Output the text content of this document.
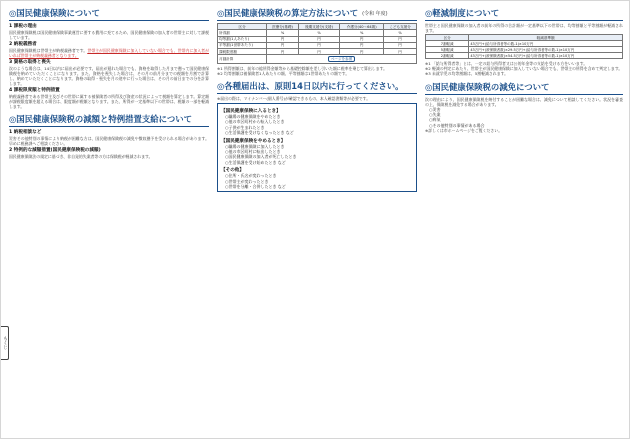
もくじ
◎国民健康保険について
1 課税の理由
国民健康保険税は国民健康保険事業運営に要する費用に充てるため、国民健康保険の加入者の世帯主に対して課税しています。
2 納税義務者
国民健康保険税は世帯主が納税義務者です。世帯主が国民健康保険に加入していない場合でも、世帯内に加入者がいれば世帯主が納税義務者となります。
3 資格の取得と喪失
次のような場合は、14日以内に届出が必要です。届出が遅れた場合でも、資格を取得した月まで遡って国民健康保険税を納めていただくことになります。また、資格を喪失した場合は、その月の前月分までの税額を月割で計算し、納めていただくことになります。資格の取得・喪失を月の途中に行った場合は、その月の前日までの分を計算します。
4 課税限度額と特例措置
納税義務者である世帯主及びその世帯に属する被保険者の所得及び資産の状況によって税額を算定します。算定額が課税限度額を超える場合は、限度額が税額となります。また、所得が一定基準以下の世帯は、税額の一部を軽減します。
◎国民健康保険税の減額と特例措置支給について
1 納税相談など
災害その他特別の事情により納税が困難な方は、国民健康保険税の減免や徴収猶予を受けられる場合があります。早めに税務課へご相談ください。
2 特例的な減額措置(国民健康保険税の減額)
国民健康保険法の規定に基づき、非自発的失業者等の方は保険税が軽減されます。
◎国民健康保険税の算定方法について (令和 年度)
区分	医療分(基礎)	後期支援分(支援)	介護分(40〜64歳)	こども支援分
所得割	%	%	%	%
均等割(1人あたり)	円	円	円	円
平等割(1世帯あたり)	円	円	円	円
課税限度額	円	円	円	円
月割計算	ページを参照			
※1 所得割額は、前年の総所得金額等から基礎控除額を差し引いた額に税率を乗じて算出します。
※2 均等割額は被保険者1人あたりの額、平等割額は1世帯あたりの額です。
◎各種届出は、原則14日以内に行ってください。
※届出の際は、マイナンバー(個人番号)が確認できるもの、本人確認書類等が必要です。
【国民健康保険に入るとき】
○職場の健康保険をやめたとき
○他の市区町村から転入したとき
○子供が生まれたとき
○生活保護を受けなくなったとき など
【国民健康保険をやめるとき】
○職場の健康保険に加入したとき
○他の市区町村に転出したとき
○国民健康保険の加入者が死亡したとき
○生活保護を受け始めたとき など
【その他】
○住所・氏名が変わったとき
○世帯主が変わったとき
○世帯を分離・合併したとき など
◎軽減制度について
世帯主と国民健康保険の加入者の前年の所得の合計額が一定基準以下の世帯は、均等割額と平等割額が軽減されます。
区分	軽減基準額
7割軽減	43万円+(給与所得者等の数-1)×10万円
5割軽減	43万円+(被保険者数)×29.5万円+(給与所得者等の数-1)×10万円
2割軽減	43万円+(被保険者数)×54.5万円+(給与所得者等の数-1)×10万円
※1 「給与所得者等」とは、一定の給与所得者又は公的年金等の支給を受ける方をいいます。
※2 軽減の判定にあたり、世帯主が国民健康保険に加入していない場合でも、世帯主の所得を含めて判定します。
※3 未就学児の均等割額は、5割軽減されます。
◎国民健康保険税の減免について
次の理由により、国民健康保険税を納付することが困難な場合は、減免について相談してください。状況を審査の上、保険税を減免する場合があります。
○災害
○失業
○病気
○その他特別の事情がある場合
※詳しくは市ホームページをご覧ください。
